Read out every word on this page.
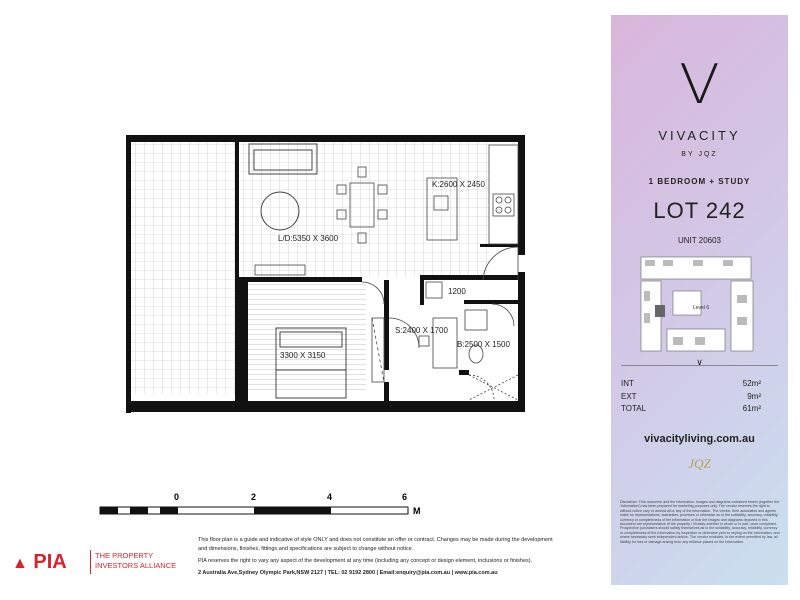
L/D:5350 X 3600
K:2600 X 2450
1200
S:2400 X 1700
B:2500 X 1500
3300 X 3150
0	2	4	6
M
V
VIVACITY
BY JQZ
1 BEDROOM + STUDY
LOT 242
UNIT 20603
Level 6
∨
INT	52m²
EXT	9m²
TOTAL	61m²
vivacityliving.com.au
JQZ
Disclaimer: This document and the information, images and diagrams contained herein (together the 'Information') has been prepared for marketing purposes only. The vendor reserves the right to without notice vary or amend all or any of the information. The vendor, their associates and agents make no representations, warranties, promises or otherwise as to the suitability, accuracy, reliability, currency or completeness of the Information or that the images and diagrams depicted in this document are representative of the property / Vivacity whether in whole or in part, once completed. Prospective purchasers should satisfy themselves as to the suitability, accuracy, reliability, currency or completeness of the Information by inspection or otherwise prior to relying on the Information, and where necessary seek independent advice. The vendor excludes, to the extent permitted by law, all liability for loss or damage arising from any reliance placed on the Information.
▲ PIA	THE PROPERTY
INVESTORS ALLIANCE
This floor plan is a guide and indicative of style ONLY and does not constitute an offer or contract. Changes may be made during the development
and dimensions, finishes, fittings and specifications are subject to change without notice.
PIA reserves the right to vary any aspect of the development at any time (including any concept or design element, inclusions or finishes).
2 Australia Ave,Sydney Olympic Park,NSW 2127 | TEL: 02 9192 2800 | Email:enquiry@pia.com.au | www.pia.com.au
